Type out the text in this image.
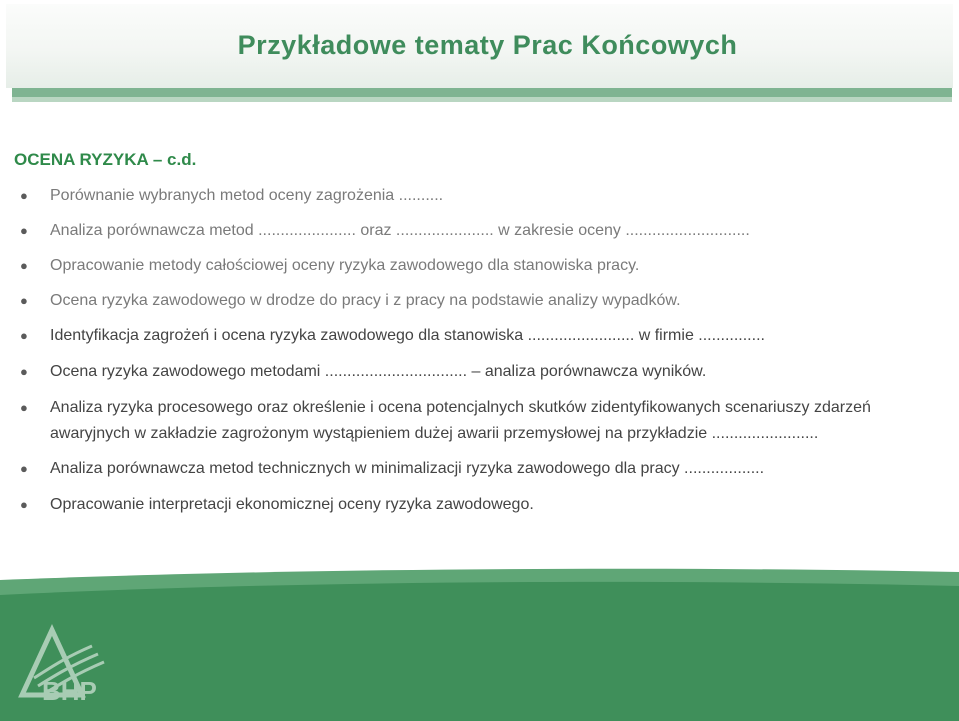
Przykładowe tematy Prac Końcowych
OCENA RYZYKA – c.d.
● Porównanie wybranych metod oceny zagrożenia ..........
● Analiza porównawcza metod ...................... oraz ...................... w zakresie oceny ............................
● Opracowanie metody całościowej oceny ryzyka zawodowego dla stanowiska pracy.
● Ocena ryzyka zawodowego w drodze do pracy i z pracy na podstawie analizy wypadków.
● Identyfikacja zagrożeń i ocena ryzyka zawodowego dla stanowiska ........................ w firmie ...............
● Ocena ryzyka zawodowego metodami ................................ – analiza porównawcza wyników.
● Analiza ryzyka procesowego oraz określenie i ocena potencjalnych skutków zidentyfikowanych scenariuszy zdarzeń awaryjnych w zakładzie zagrożonym wystąpieniem dużej awarii przemysłowej na przykładzie ........................
● Analiza porównawcza metod technicznych w minimalizacji ryzyka zawodowego dla pracy ..................
● Opracowanie interpretacji ekonomicznej oceny ryzyka zawodowego.
BHP
